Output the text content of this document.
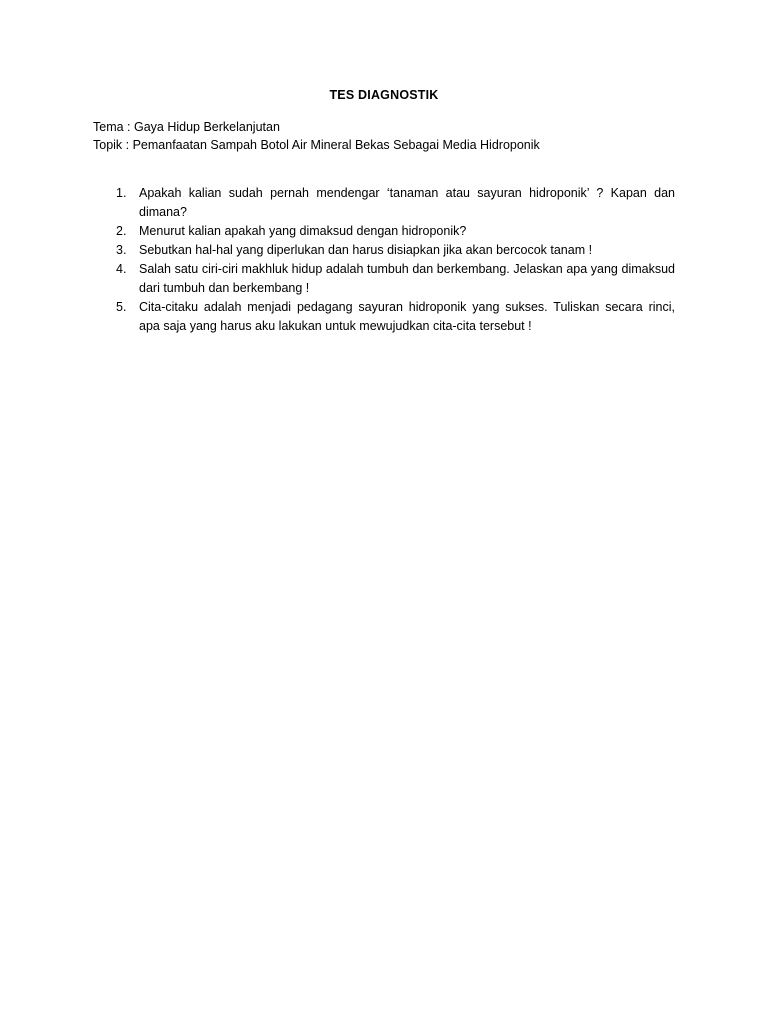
TES DIAGNOSTIK
Tema : Gaya Hidup Berkelanjutan
Topik : Pemanfaatan Sampah Botol Air Mineral Bekas Sebagai Media Hidroponik
1. Apakah kalian sudah pernah mendengar ‘tanaman atau sayuran hidroponik’ ? Kapan dan dimana?
2. Menurut kalian apakah yang dimaksud dengan hidroponik?
3. Sebutkan hal-hal yang diperlukan dan harus disiapkan jika akan bercocok tanam !
4. Salah satu ciri-ciri makhluk hidup adalah tumbuh dan berkembang. Jelaskan apa yang dimaksud dari tumbuh dan berkembang !
5. Cita-citaku adalah menjadi pedagang sayuran hidroponik yang sukses. Tuliskan secara rinci, apa saja yang harus aku lakukan untuk mewujudkan cita-cita tersebut !
